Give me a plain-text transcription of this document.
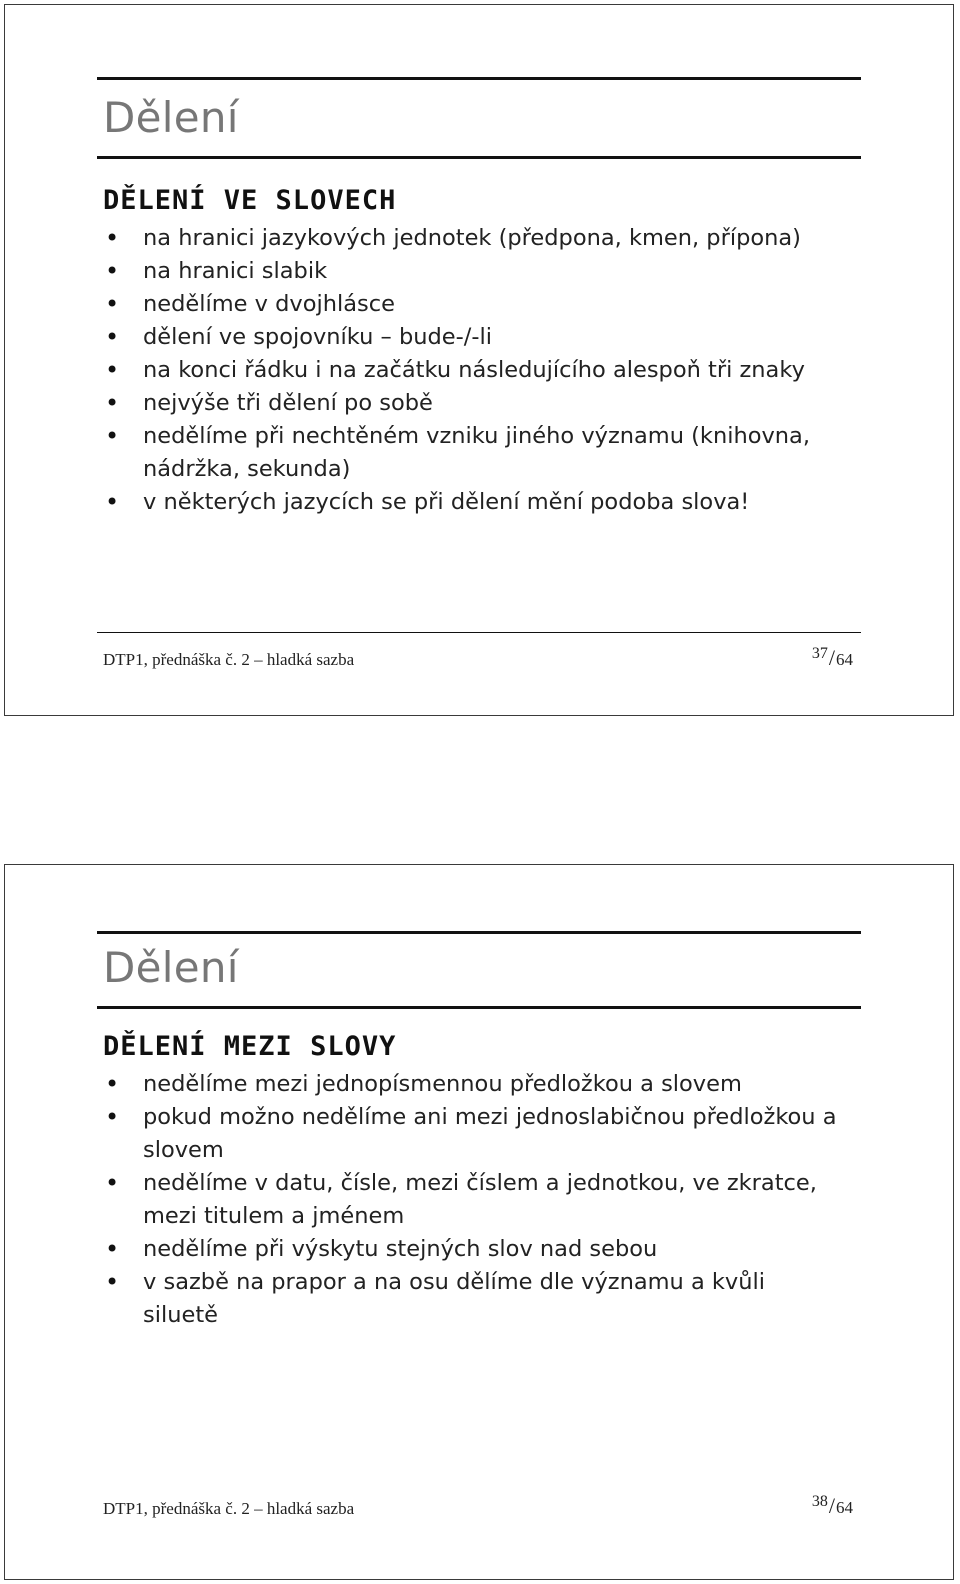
Dělení
DĚLENÍ VE SLOVECH
• na hranici jazykových jednotek (předpona, kmen, přípona)
• na hranici slabik
• nedělíme v dvojhlásce
• dělení ve spojovníku – bude-/-li
• na konci řádku i na začátku následujícího alespoň tři znaky
• nejvýše tři dělení po sobě
• nedělíme při nechtěném vzniku jiného významu (knihovna, nádržka, sekunda)
• v některých jazycích se při dělení mění podoba slova!
DTP1, přednáška č. 2 – hladká sazba	37/64
Dělení
DĚLENÍ MEZI SLOVY
• nedělíme mezi jednopísmennou předložkou a slovem
• pokud možno nedělíme ani mezi jednoslabičnou předložkou a slovem
• nedělíme v datu, čísle, mezi číslem a jednotkou, ve zkratce, mezi titulem a jménem
• nedělíme při výskytu stejných slov nad sebou
• v sazbě na prapor a na osu dělíme dle významu a kvůli siluetě
DTP1, přednáška č. 2 – hladká sazba	38/64
